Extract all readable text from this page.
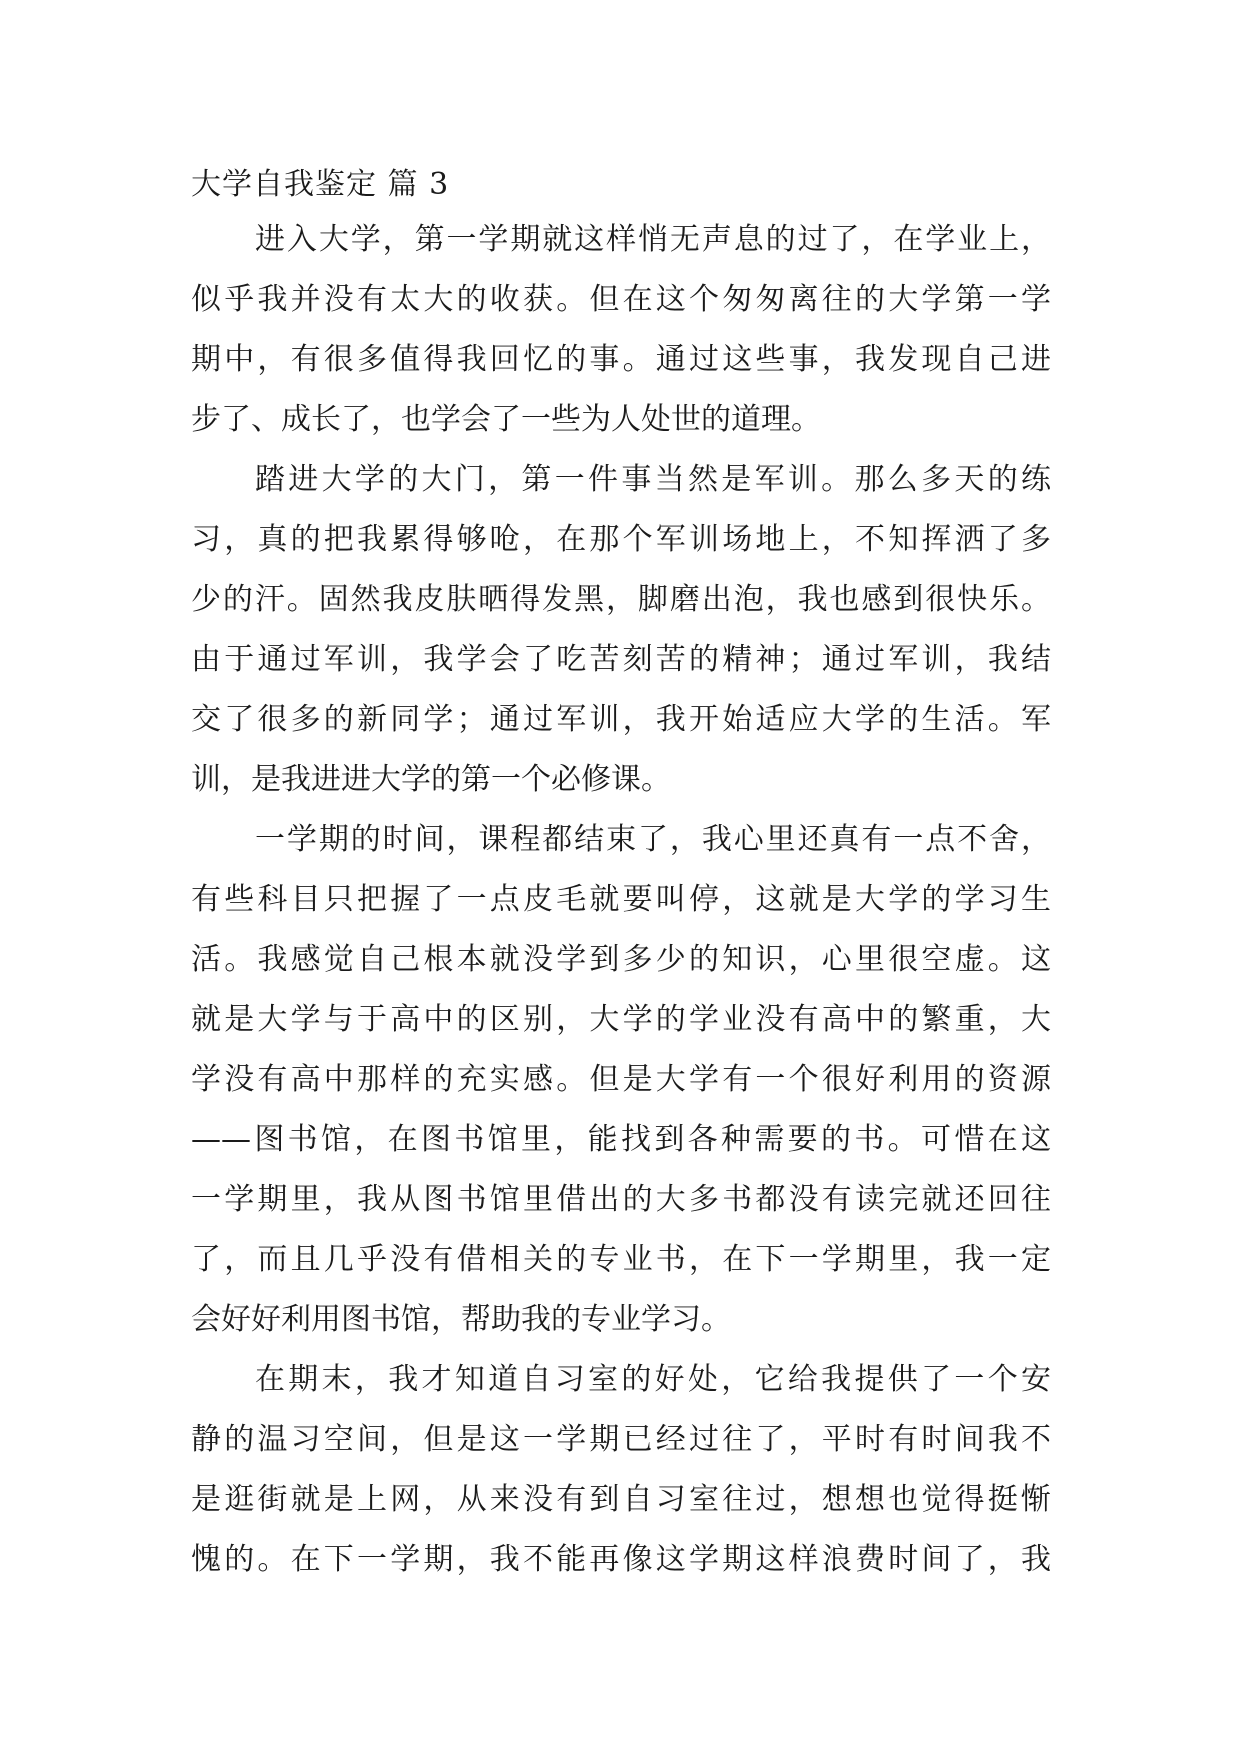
大学自我鉴定 篇 3
进入大学，第一学期就这样悄无声息的过了，在学业上，
似乎我并没有太大的收获。但在这个匆匆离往的大学第一学
期中，有很多值得我回忆的事。通过这些事，我发现自己进
步了、成长了，也学会了一些为人处世的道理。
踏进大学的大门，第一件事当然是军训。那么多天的练
习，真的把我累得够呛，在那个军训场地上，不知挥洒了多
少的汗。固然我皮肤晒得发黑，脚磨出泡，我也感到很快乐。
由于通过军训，我学会了吃苦刻苦的精神；通过军训，我结
交了很多的新同学；通过军训，我开始适应大学的生活。军
训，是我进进大学的第一个必修课。
一学期的时间，课程都结束了，我心里还真有一点不舍，
有些科目只把握了一点皮毛就要叫停，这就是大学的学习生
活。我感觉自己根本就没学到多少的知识，心里很空虚。这
就是大学与于高中的区别，大学的学业没有高中的繁重，大
学没有高中那样的充实感。但是大学有一个很好利用的资源
——图书馆，在图书馆里，能找到各种需要的书。可惜在这
一学期里，我从图书馆里借出的大多书都没有读完就还回往
了，而且几乎没有借相关的专业书，在下一学期里，我一定
会好好利用图书馆，帮助我的专业学习。
在期末，我才知道自习室的好处，它给我提供了一个安
静的温习空间，但是这一学期已经过往了，平时有时间我不
是逛街就是上网，从来没有到自习室往过，想想也觉得挺惭
愧的。在下一学期，我不能再像这学期这样浪费时间了，我
